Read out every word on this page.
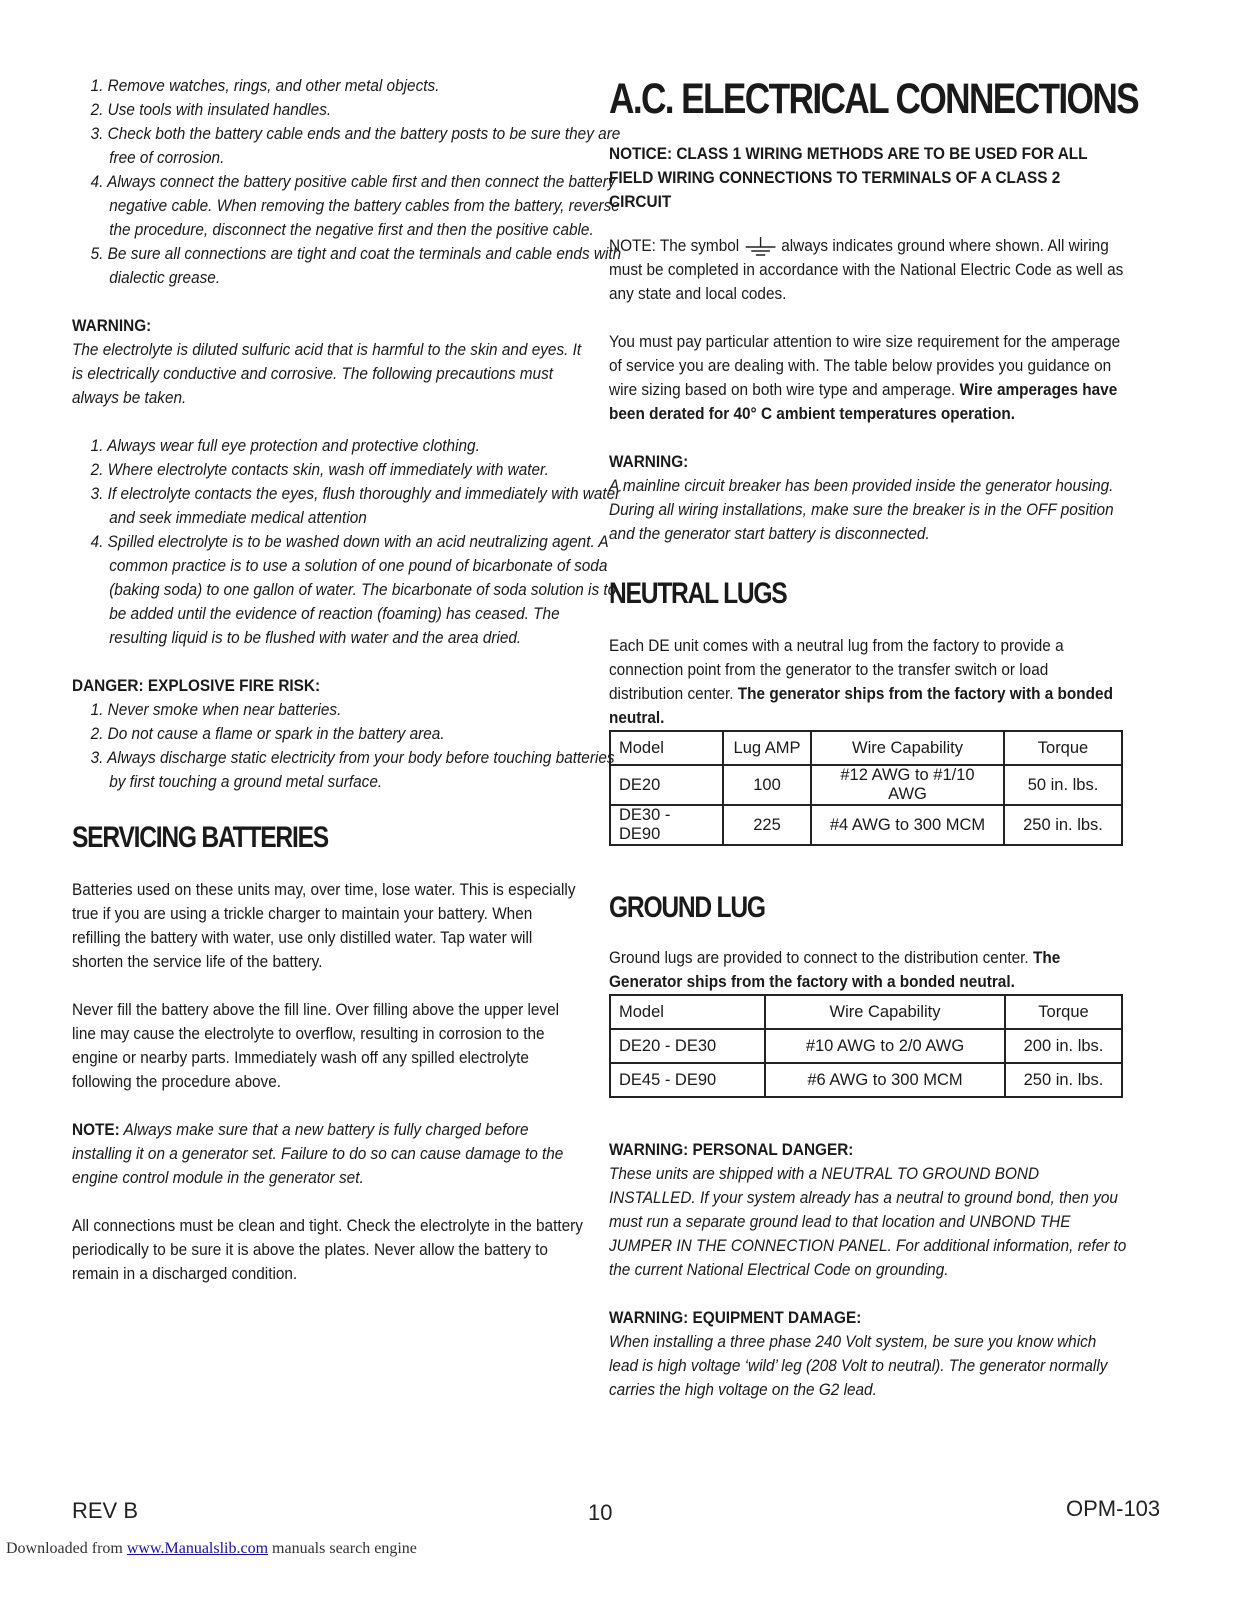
1. Remove watches, rings, and other metal objects.
2. Use tools with insulated handles.
3. Check both the battery cable ends and the battery posts to be sure they are free of corrosion.
4. Always connect the battery positive cable first and then connect the battery negative cable. When removing the battery cables from the battery, reverse the procedure, disconnect the negative first and then the positive cable.
5. Be sure all connections are tight and coat the terminals and cable ends with dialectic grease.
WARNING:

The electrolyte is diluted sulfuric acid that is harmful to the skin and eyes. It is electrically conductive and corrosive. The following precautions must always be taken.

1. Always wear full eye protection and protective clothing.
2. Where electrolyte contacts skin, wash off immediately with water.
3. If electrolyte contacts the eyes, flush thoroughly and immediately with water and seek immediate medical attention
4. Spilled electrolyte is to be washed down with an acid neutralizing agent. A common practice is to use a solution of one pound of bicarbonate of soda (baking soda) to one gallon of water. The bicarbonate of soda solution is to be added until the evidence of reaction (foaming) has ceased. The resulting liquid is to be flushed with water and the area dried.
DANGER: EXPLOSIVE FIRE RISK:
1. Never smoke when near batteries.
2. Do not cause a flame or spark in the battery area.
3. Always discharge static electricity from your body before touching batteries by first touching a ground metal surface.
SERVICING BATTERIES

Batteries used on these units may, over time, lose water. This is especially true if you are using a trickle charger to maintain your battery. When refilling the battery with water, use only distilled water. Tap water will shorten the service life of the battery.

Never fill the battery above the fill line. Over filling above the upper level line may cause the electrolyte to overflow, resulting in corrosion to the engine or nearby parts. Immediately wash off any spilled electrolyte following the procedure above.

NOTE: Always make sure that a new battery is fully charged before installing it on a generator set. Failure to do so can cause damage to the engine control module in the generator set.

All connections must be clean and tight. Check the electrolyte in the battery periodically to be sure it is above the plates. Never allow the battery to remain in a discharged condition.

A.C. ELECTRICAL CONNECTIONS

NOTICE: CLASS 1 WIRING METHODS ARE TO BE USED FOR ALL FIELD WIRING CONNECTIONS TO TERMINALS OF A CLASS 2 CIRCUIT

NOTE: The symbol  always indicates ground where shown. All wiring must be completed in accordance with the National Electric Code as well as any state and local codes.

You must pay particular attention to wire size requirement for the amperage of service you are dealing with. The table below provides you guidance on wire sizing based on both wire type and amperage. Wire amperages have been derated for 40° C ambient temperatures operation.

WARNING:

A mainline circuit breaker has been provided inside the generator housing. During all wiring installations, make sure the breaker is in the OFF position and the generator start battery is disconnected.

NEUTRAL LUGS

Each DE unit comes with a neutral lug from the factory to provide a connection point from the generator to the transfer switch or load distribution center. The generator ships from the factory with a bonded neutral.

Model	Lug AMP	Wire Capability	Torque
DE20	100	#12 AWG to #1/10 AWG	50 in. lbs.
DE30 - DE90	225	#4 AWG to 300 MCM	250 in. lbs.
GROUND LUG

Ground lugs are provided to connect to the distribution center. The Generator ships from the factory with a bonded neutral.

Model	Wire Capability	Torque
DE20 - DE30	#10 AWG to 2/0 AWG	200 in. lbs.
DE45 - DE90	#6 AWG to 300 MCM	250 in. lbs.
WARNING: PERSONAL DANGER:

These units are shipped with a NEUTRAL TO GROUND BOND INSTALLED. If your system already has a neutral to ground bond, then you must run a separate ground lead to that location and UNBOND THE JUMPER IN THE CONNECTION PANEL. For additional information, refer to the current National Electrical Code on grounding.

WARNING: EQUIPMENT DAMAGE:

When installing a three phase 240 Volt system, be sure you know which lead is high voltage ‘wild’ leg (208 Volt to neutral). The generator normally carries the high voltage on the G2 lead.

REV B	10	OPM-103
Downloaded from www.Manualslib.com manuals search engine
